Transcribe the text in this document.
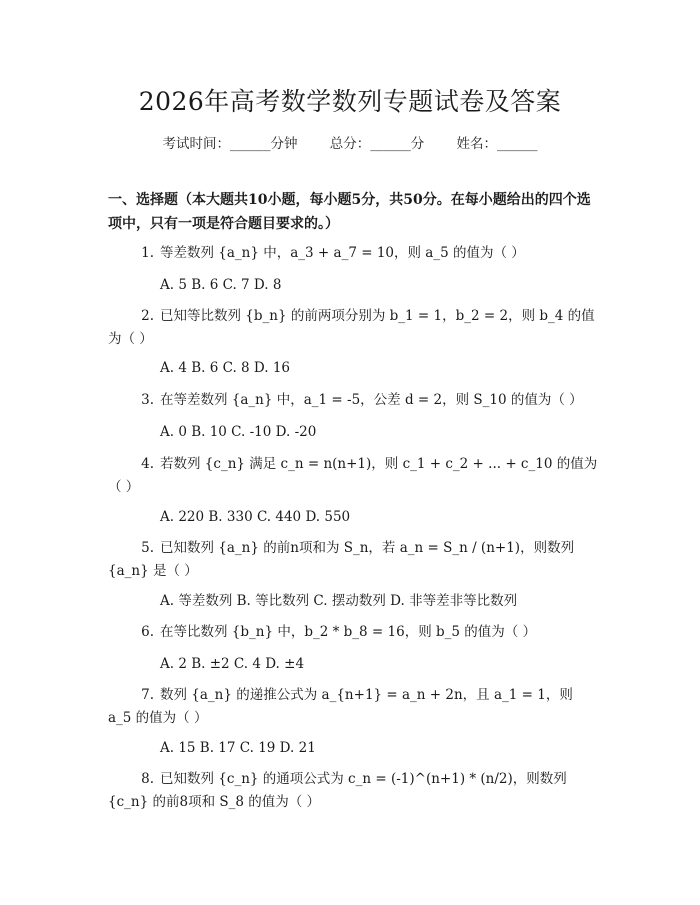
2026年高考数学数列专题试卷及答案
考试时间：______分钟 总分：______分 姓名：______
一、选择题（本大题共10小题，每小题5分，共50分。在每小题给出的四个选项中，只有一项是符合题目要求的。）
1. 等差数列 {a_n} 中，a_3 + a_7 = 10，则 a_5 的值为（ ）
A. 5 B. 6 C. 7 D. 8
2. 已知等比数列 {b_n} 的前两项分别为 b_1 = 1，b_2 = 2，则 b_4 的值为（ ）
A. 4 B. 6 C. 8 D. 16
3. 在等差数列 {a_n} 中，a_1 = -5，公差 d = 2，则 S_10 的值为（ ）
A. 0 B. 10 C. -10 D. -20
4. 若数列 {c_n} 满足 c_n = n(n+1)，则 c_1 + c_2 + ... + c_10 的值为（ ）
A. 220 B. 330 C. 440 D. 550
5. 已知数列 {a_n} 的前n项和为 S_n，若 a_n = S_n / (n+1)，则数列 {a_n} 是（ ）
A. 等差数列 B. 等比数列 C. 摆动数列 D. 非等差非等比数列
6. 在等比数列 {b_n} 中，b_2 * b_8 = 16，则 b_5 的值为（ ）
A. 2 B. ±2 C. 4 D. ±4
7. 数列 {a_n} 的递推公式为 a_{n+1} = a_n + 2n，且 a_1 = 1，则 a_5 的值为（ ）
A. 15 B. 17 C. 19 D. 21
8. 已知数列 {c_n} 的通项公式为 c_n = (-1)^(n+1) * (n/2)，则数列 {c_n} 的前8项和 S_8 的值为（ ）
